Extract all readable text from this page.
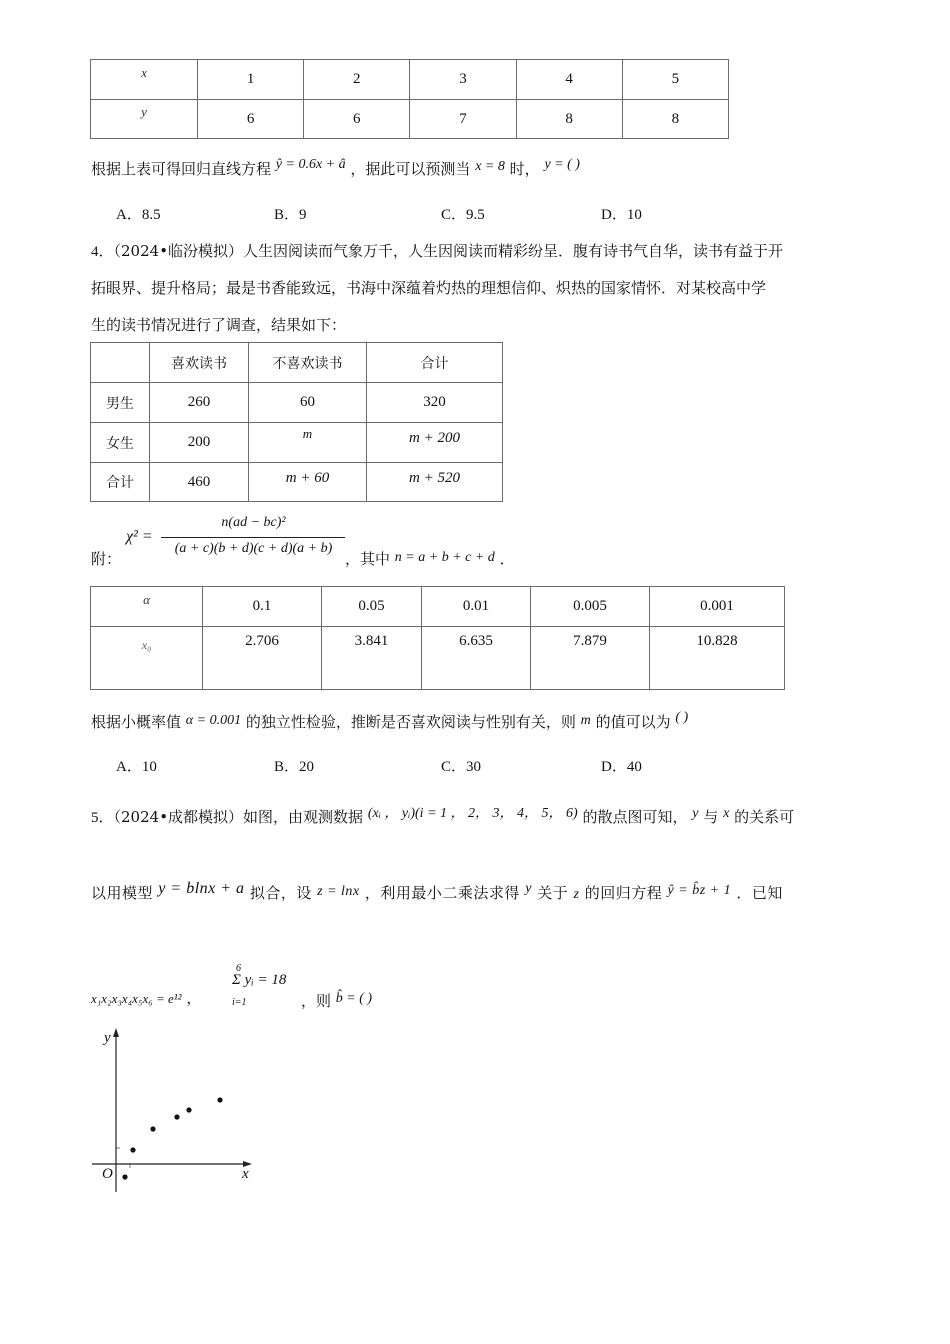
x	1	2	3	4	5

y	6	6	7	8	8
根据上表可得回归直线方程 ŷ = 0.6x + â ，据此可以预测当 x = 8 时， y = ( )
A．8.5	B．9	C．9.5	D．10
4．（2024•临汾模拟）人生因阅读而气象万千，人生因阅读而精彩纷呈．腹有诗书气自华，读书有益于开
拓眼界、提升格局；最是书香能致远，书海中深蕴着灼热的理想信仰、炽热的国家情怀．对某校高中学
生的读书情况进行了调查，结果如下：
	喜欢读书	不喜欢读书	合计
男生	260	60	320
女生	200	m	m + 200
合计	460	m + 60	m + 520
附：
χ² =
n(ad − bc)²
(a + c)(b + d)(c + d)(a + b)
，其中 n = a + b + c + d ．
α	0.1	0.05	0.01	0.005	0.001
x₀	2.706	3.841	6.635	7.879	10.828
根据小概率值 α = 0.001 的独立性检验，推断是否喜欢阅读与性别有关，则 m 的值可以为 ( )
A．10	B．20	C．30	D．40
5．（2024•成都模拟）如图，由观测数据 (xᵢ ， yᵢ)(i = 1 ， 2， 3， 4， 5， 6) 的散点图可知， y 与 x 的关系可
以用模型 y = blnx + a 拟合，设 z = lnx ，利用最小二乘法求得 y 关于 z 的回归方程 ŷ = b̂z + 1 ．已知
x₁x₂x₃x₄x₅x₆ = e¹² ，
6
i=1
Σ yᵢ = 18
，则 b̂ = ( )
y
x
O
